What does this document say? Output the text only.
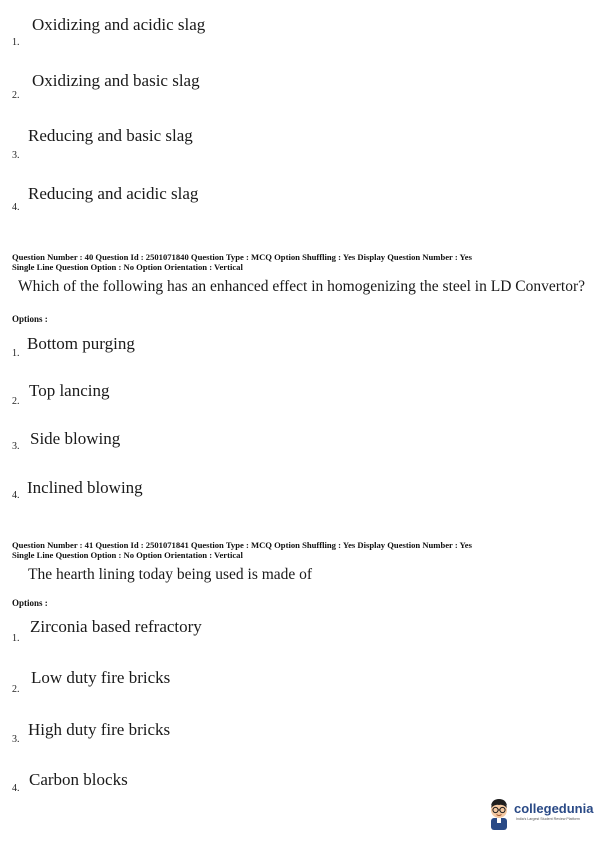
Oxidizing and acidic slag
1.
Oxidizing and basic slag
2.
Reducing and basic slag
3.
Reducing and acidic slag
4.
Question Number : 40 Question Id : 2501071840 Question Type : MCQ Option Shuffling : Yes Display Question Number : Yes
Single Line Question Option : No Option Orientation : Vertical
Which of the following has an enhanced effect in homogenizing the steel in LD Convertor?
Options :
Bottom purging
1.
Top lancing
2.
Side blowing
3.
Inclined blowing
4.
Question Number : 41 Question Id : 2501071841 Question Type : MCQ Option Shuffling : Yes Display Question Number : Yes
Single Line Question Option : No Option Orientation : Vertical
The hearth lining today being used is made of
Options :
Zirconia based refractory
1.
Low duty fire bricks
2.
High duty fire bricks
3.
Carbon blocks
4.
collegedunia
India's Largest Student Review Platform
